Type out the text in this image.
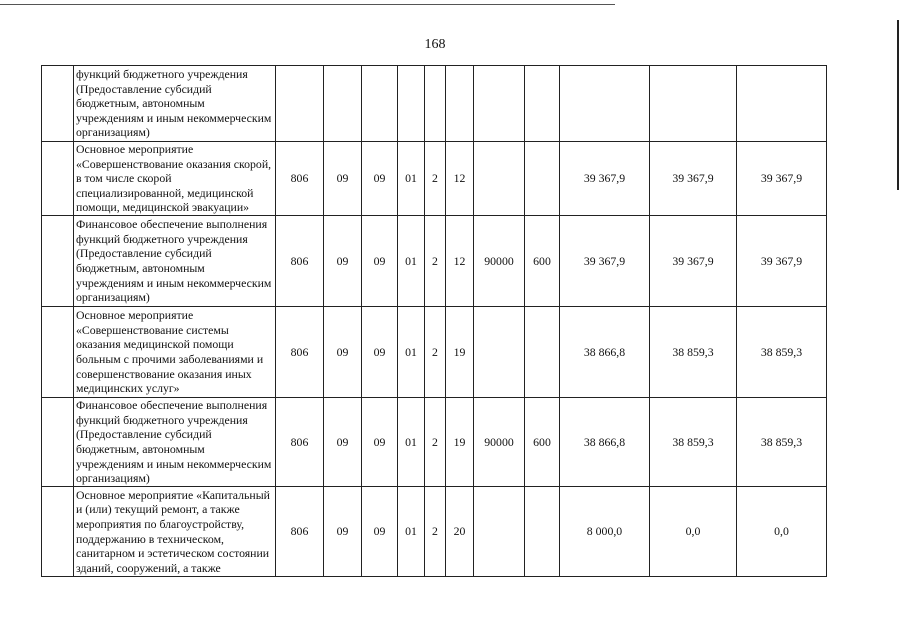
168
	функций бюджетного учреждения (Предоставление субсидий бюджетным, автономным учреждениям и иным некоммерческим организациям)											
	Основное мероприятие «Совершенствование оказания скорой, в том числе скорой специализированной, медицинской помощи, медицинской эвакуации»	806	09	09	01	2	12			39 367,9	39 367,9	39 367,9
	Финансовое обеспечение выполнения функций бюджетного учреждения (Предоставление субсидий бюджетным, автономным учреждениям и иным некоммерческим организациям)	806	09	09	01	2	12	90000	600	39 367,9	39 367,9	39 367,9
	Основное мероприятие «Совершенствование системы оказания медицинской помощи больным с прочими заболеваниями и совершенствование оказания иных медицинских услуг»	806	09	09	01	2	19			38 866,8	38 859,3	38 859,3
	Финансовое обеспечение выполнения функций бюджетного учреждения (Предоставление субсидий бюджетным, автономным учреждениям и иным некоммерческим организациям)	806	09	09	01	2	19	90000	600	38 866,8	38 859,3	38 859,3
	Основное мероприятие «Капитальный и (или) текущий ремонт, а также мероприятия по благоустройству, поддержанию в техническом, санитарном и эстетическом состоянии зданий, сооружений, а также	806	09	09	01	2	20			8 000,0	0,0	0,0
